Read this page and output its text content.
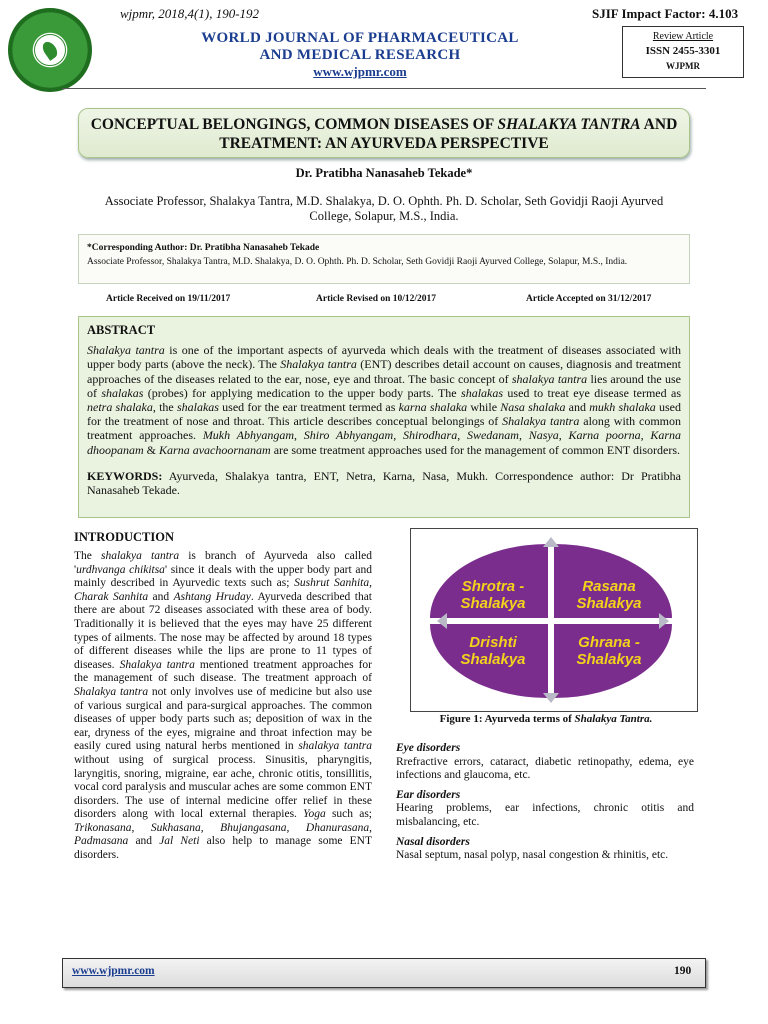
wjpmr, 2018,4(1), 190-192
WORLD JOURNAL OF PHARMACEUTICAL
AND MEDICAL RESEARCH
www.wjpmr.com
SJIF Impact Factor: 4.103
Review Article
ISSN 2455-3301
WJPMR
CONCEPTUAL BELONGINGS, COMMON DISEASES OF SHALAKYA TANTRA AND TREATMENT: AN AYURVEDA PERSPECTIVE
Dr. Pratibha Nanasaheb Tekade*
Associate Professor, Shalakya Tantra, M.D. Shalakya, D. O. Ophth. Ph. D. Scholar, Seth Govidji Raoji Ayurved College, Solapur, M.S., India.
*Corresponding Author: Dr. Pratibha Nanasaheb Tekade
Associate Professor, Shalakya Tantra, M.D. Shalakya, D. O. Ophth. Ph. D. Scholar, Seth Govidji Raoji Ayurved College, Solapur, M.S., India.
Article Received on 19/11/2017	Article Revised on 10/12/2017	Article Accepted on 31/12/2017
ABSTRACT
Shalakya tantra is one of the important aspects of ayurveda which deals with the treatment of diseases associated with upper body parts (above the neck). The Shalakya tantra (ENT) describes detail account on causes, diagnosis and treatment approaches of the diseases related to the ear, nose, eye and throat. The basic concept of shalakya tantra lies around the use of shalakas (probes) for applying medication to the upper body parts. The shalakas used to treat eye disease termed as netra shalaka, the shalakas used for the ear treatment termed as karna shalaka while Nasa shalaka and mukh shalaka used for the treatment of nose and throat. This article describes conceptual belongings of Shalakya tantra along with common treatment approaches. Mukh Abhyangam, Shiro Abhyangam, Shirodhara, Swedanam, Nasya, Karna poorna, Karna dhoopanam & Karna avachoornanam are some treatment approaches used for the management of common ENT disorders.
KEYWORDS: Ayurveda, Shalakya tantra, ENT, Netra, Karna, Nasa, Mukh. Correspondence author: Dr Pratibha Nanasaheb Tekade.
INTRODUCTION
The shalakya tantra is branch of Ayurveda also called 'urdhvanga chikitsa' since it deals with the upper body part and mainly described in Ayurvedic texts such as; Sushrut Sanhita, Charak Sanhita and Ashtang Hruday. Ayurveda described that there are about 72 diseases associated with these area of body. Traditionally it is believed that the eyes may have 25 different types of ailments. The nose may be affected by around 18 types of different diseases while the lips are prone to 11 types of diseases. Shalakya tantra mentioned treatment approaches for the management of such disease. The treatment approach of Shalakya tantra not only involves use of medicine but also use of various surgical and para-surgical approaches. The common diseases of upper body parts such as; deposition of wax in the ear, dryness of the eyes, migraine and throat infection may be easily cured using natural herbs mentioned in shalakya tantra without using of surgical process. Sinusitis, pharyngitis, laryngitis, snoring, migraine, ear ache, chronic otitis, tonsillitis, vocal cord paralysis and muscular aches are some common ENT disorders. The use of internal medicine offer relief in these disorders along with local external therapies. Yoga such as; Trikonasana, Sukhasana, Bhujangasana, Dhanurasana, Padmasana and Jal Neti also help to manage some ENT disorders.
Shrotra -
Shalakya
Rasana
Shalakya
Drishti
Shalakya
Ghrana -
Shalakya
Figure 1: Ayurveda terms of Shalakya Tantra.
Eye disorders
Rrefractive errors, cataract, diabetic retinopathy, edema, eye infections and glaucoma, etc.
Ear disorders
Hearing problems, ear infections, chronic otitis and misbalancing, etc.
Nasal disorders
Nasal septum, nasal polyp, nasal congestion & rhinitis, etc.
www.wjpmr.com	190
